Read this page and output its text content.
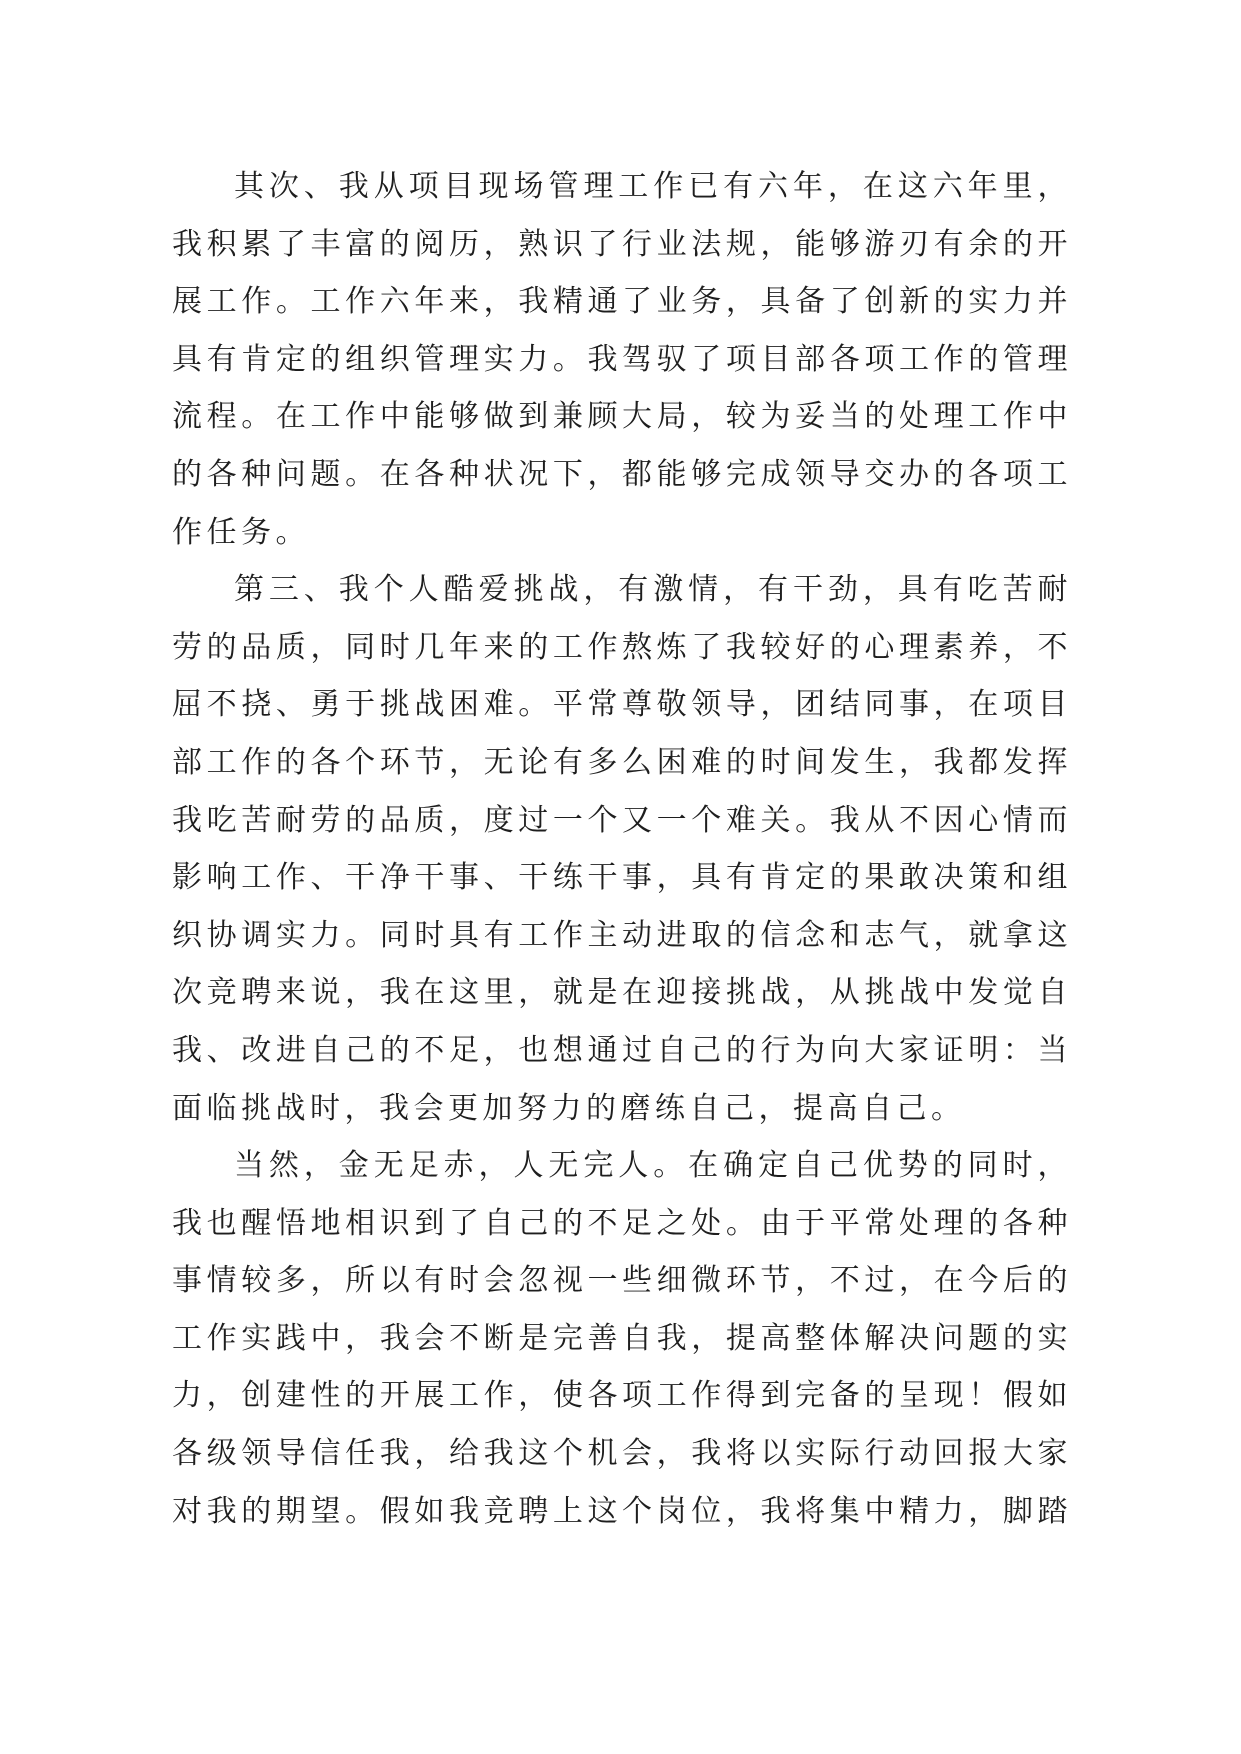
其次、我从项目现场管理工作已有六年，在这六年里，
我积累了丰富的阅历，熟识了行业法规，能够游刃有余的开
展工作。工作六年来，我精通了业务，具备了创新的实力并
具有肯定的组织管理实力。我驾驭了项目部各项工作的管理
流程。在工作中能够做到兼顾大局，较为妥当的处理工作中
的各种问题。在各种状况下，都能够完成领导交办的各项工
作任务。
第三、我个人酷爱挑战，有激情，有干劲，具有吃苦耐
劳的品质，同时几年来的工作熬炼了我较好的心理素养，不
屈不挠、勇于挑战困难。平常尊敬领导，团结同事，在项目
部工作的各个环节，无论有多么困难的时间发生，我都发挥
我吃苦耐劳的品质，度过一个又一个难关。我从不因心情而
影响工作、干净干事、干练干事，具有肯定的果敢决策和组
织协调实力。同时具有工作主动进取的信念和志气，就拿这
次竞聘来说，我在这里，就是在迎接挑战，从挑战中发觉自
我、改进自己的不足，也想通过自己的行为向大家证明：当
面临挑战时，我会更加努力的磨练自己，提高自己。
当然，金无足赤，人无完人。在确定自己优势的同时，
我也醒悟地相识到了自己的不足之处。由于平常处理的各种
事情较多，所以有时会忽视一些细微环节，不过，在今后的
工作实践中，我会不断是完善自我，提高整体解决问题的实
力，创建性的开展工作，使各项工作得到完备的呈现！假如
各级领导信任我，给我这个机会，我将以实际行动回报大家
对我的期望。假如我竞聘上这个岗位，我将集中精力，脚踏
